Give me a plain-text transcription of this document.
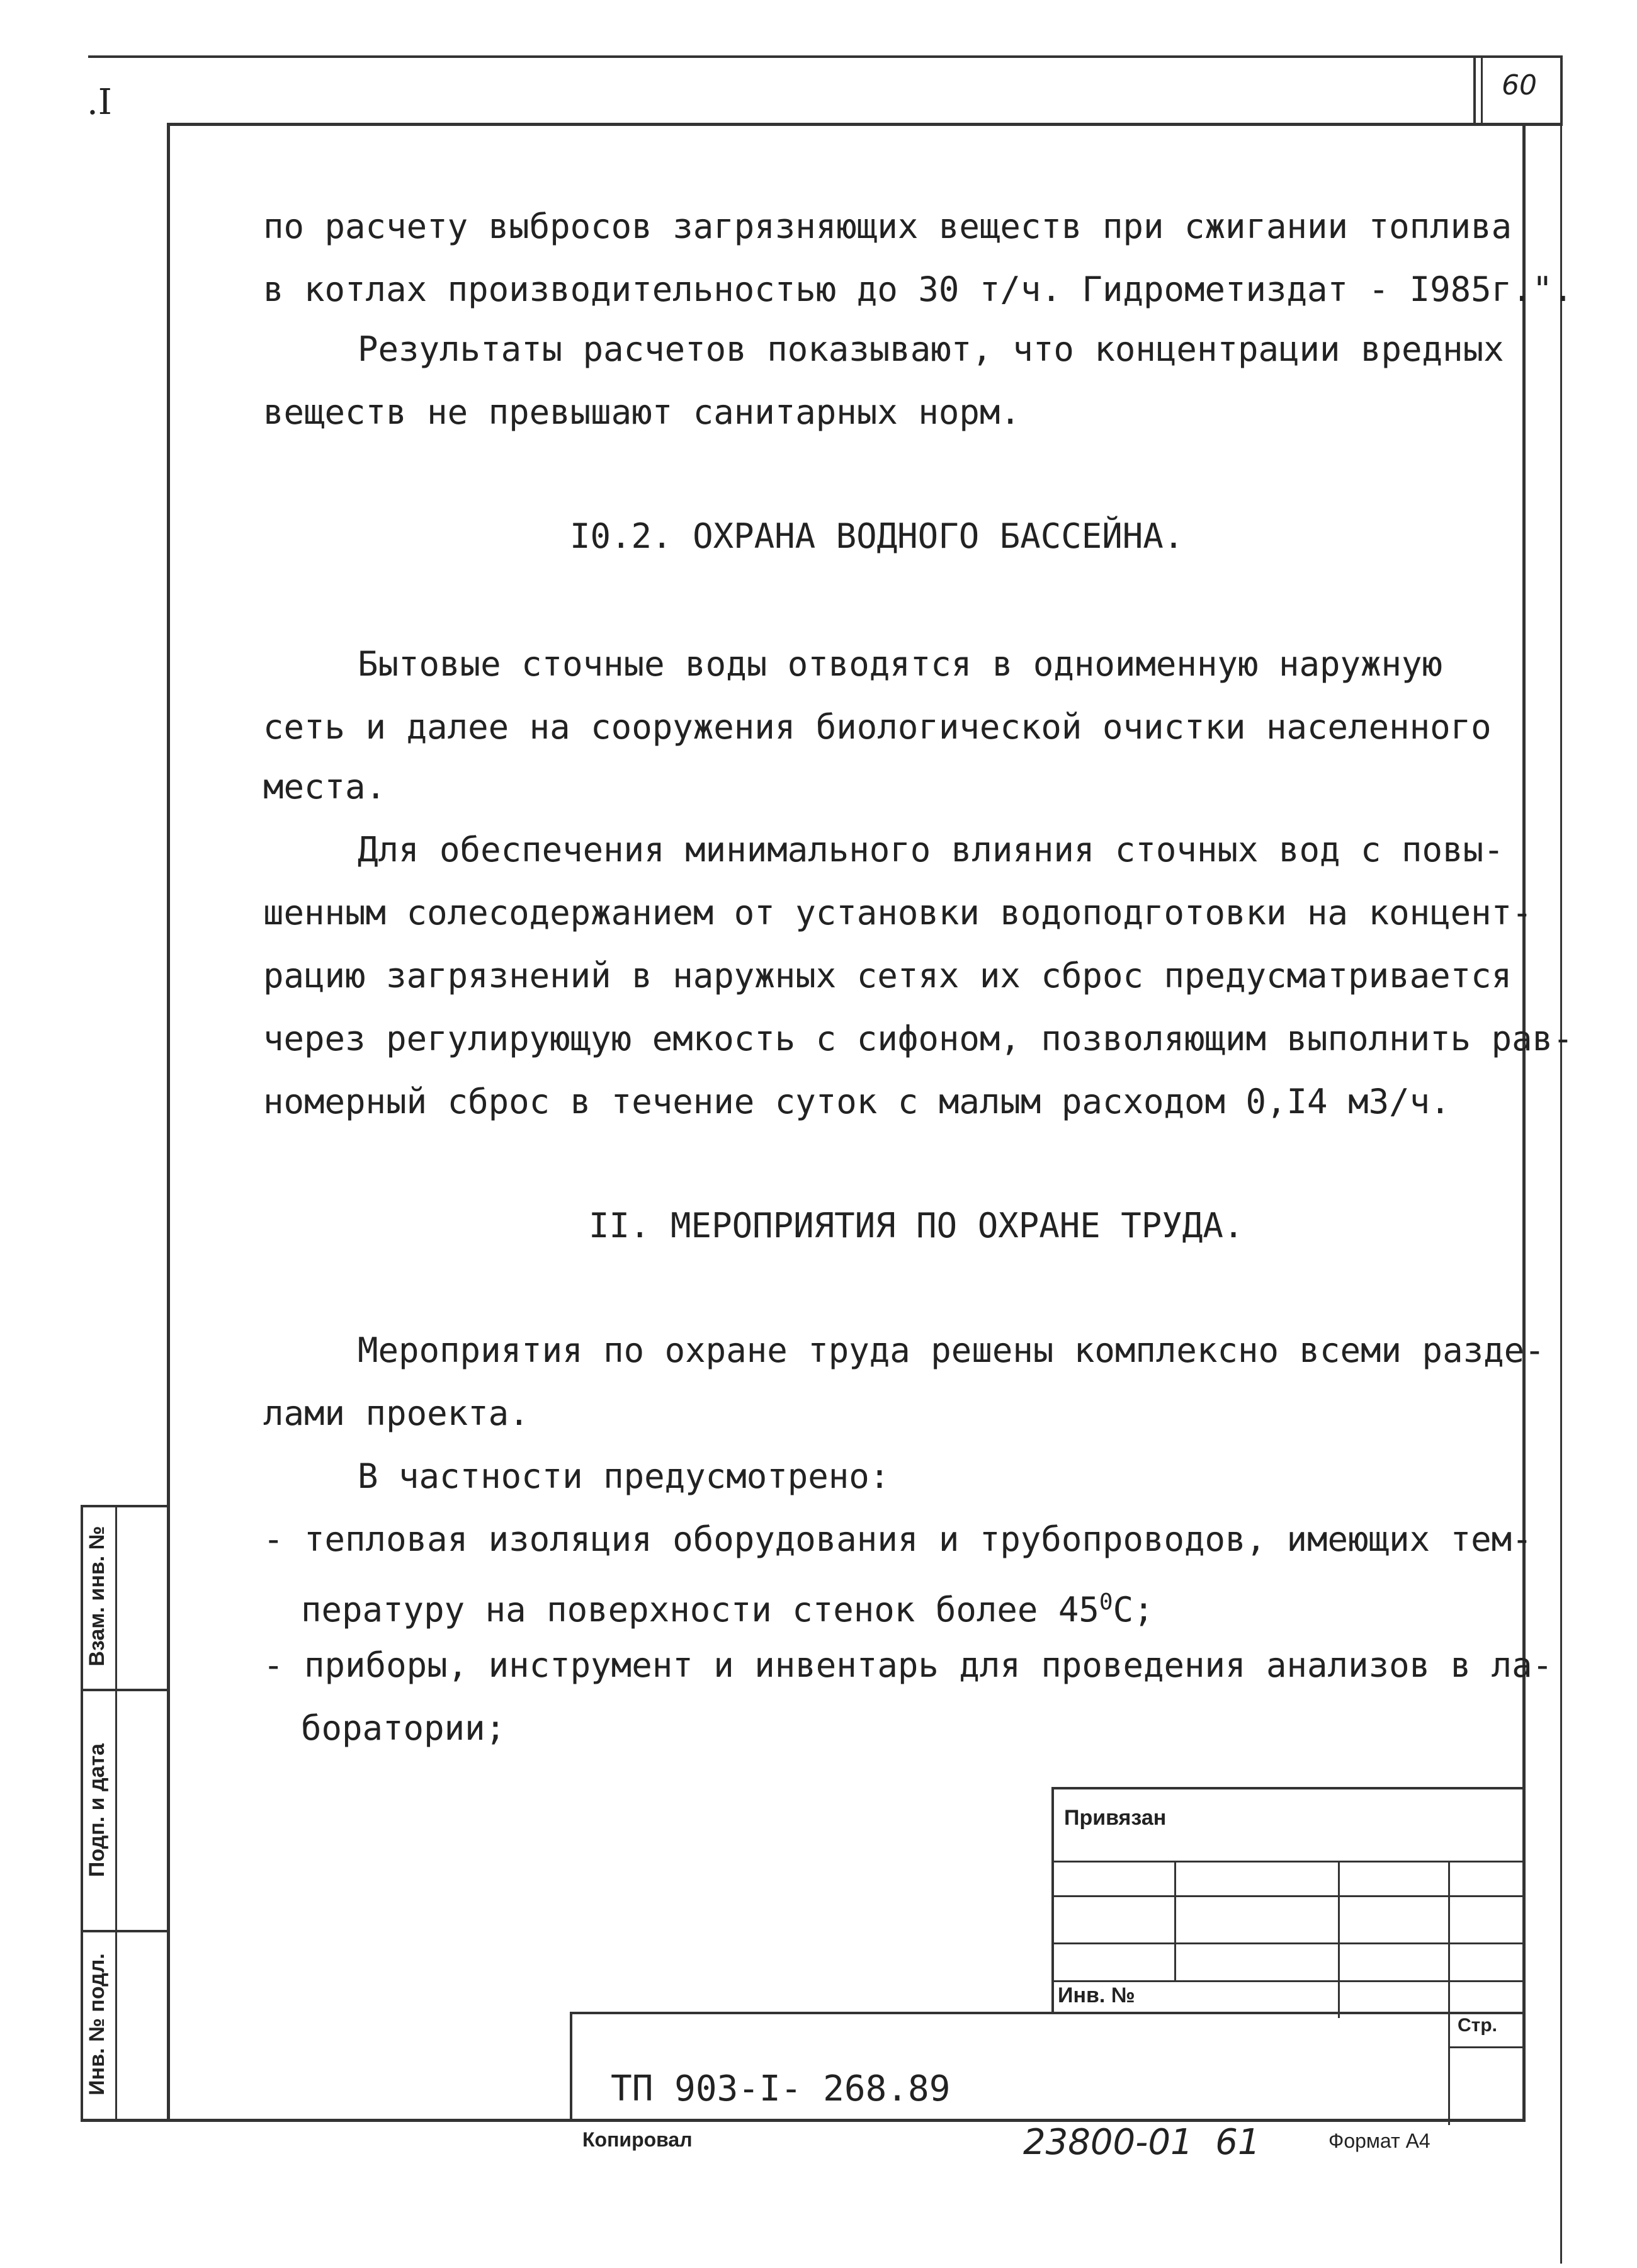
.I	60
по расчету выбросов загрязняющих веществ при сжигании топлива
в котлах производительностью до 30 т/ч. Гидрометиздат - I985г.".
Результаты расчетов показывают, что концентрации вредных
веществ не превышают санитарных норм.
I0.2. ОХРАНА ВОДНОГО БАССЕЙНА.
Бытовые сточные воды отводятся в одноименную наружную
сеть и далее на сооружения биологической очистки населенного
места.
Для обеспечения минимального влияния сточных вод с повы-
шенным солесодержанием от установки водоподготовки на концент-
рацию загрязнений в наружных сетях их сброс предусматривается
через регулирующую емкость с сифоном, позволяющим выполнить рав-
номерный сброс в течение суток с малым расходом 0,I4 м3/ч.
II. МЕРОПРИЯТИЯ ПО ОХРАНЕ ТРУДА.
Мероприятия по охране труда решены комплексно всеми разде-
лами проекта.
В частности предусмотрено:
- тепловая изоляция оборудования и трубопроводов, имеющих тем-
пературу на поверхности стенок более $45^0С$;
- приборы, инструмент и инвентарь для проведения анализов в ла-
боратории;
Взам. инв. №
Подп. и дата
Инв. № подл.
Привязан
Инв. №
Стр.
ТП 903-I- 268.89
Копировал	23800-01  61	Формат А4
